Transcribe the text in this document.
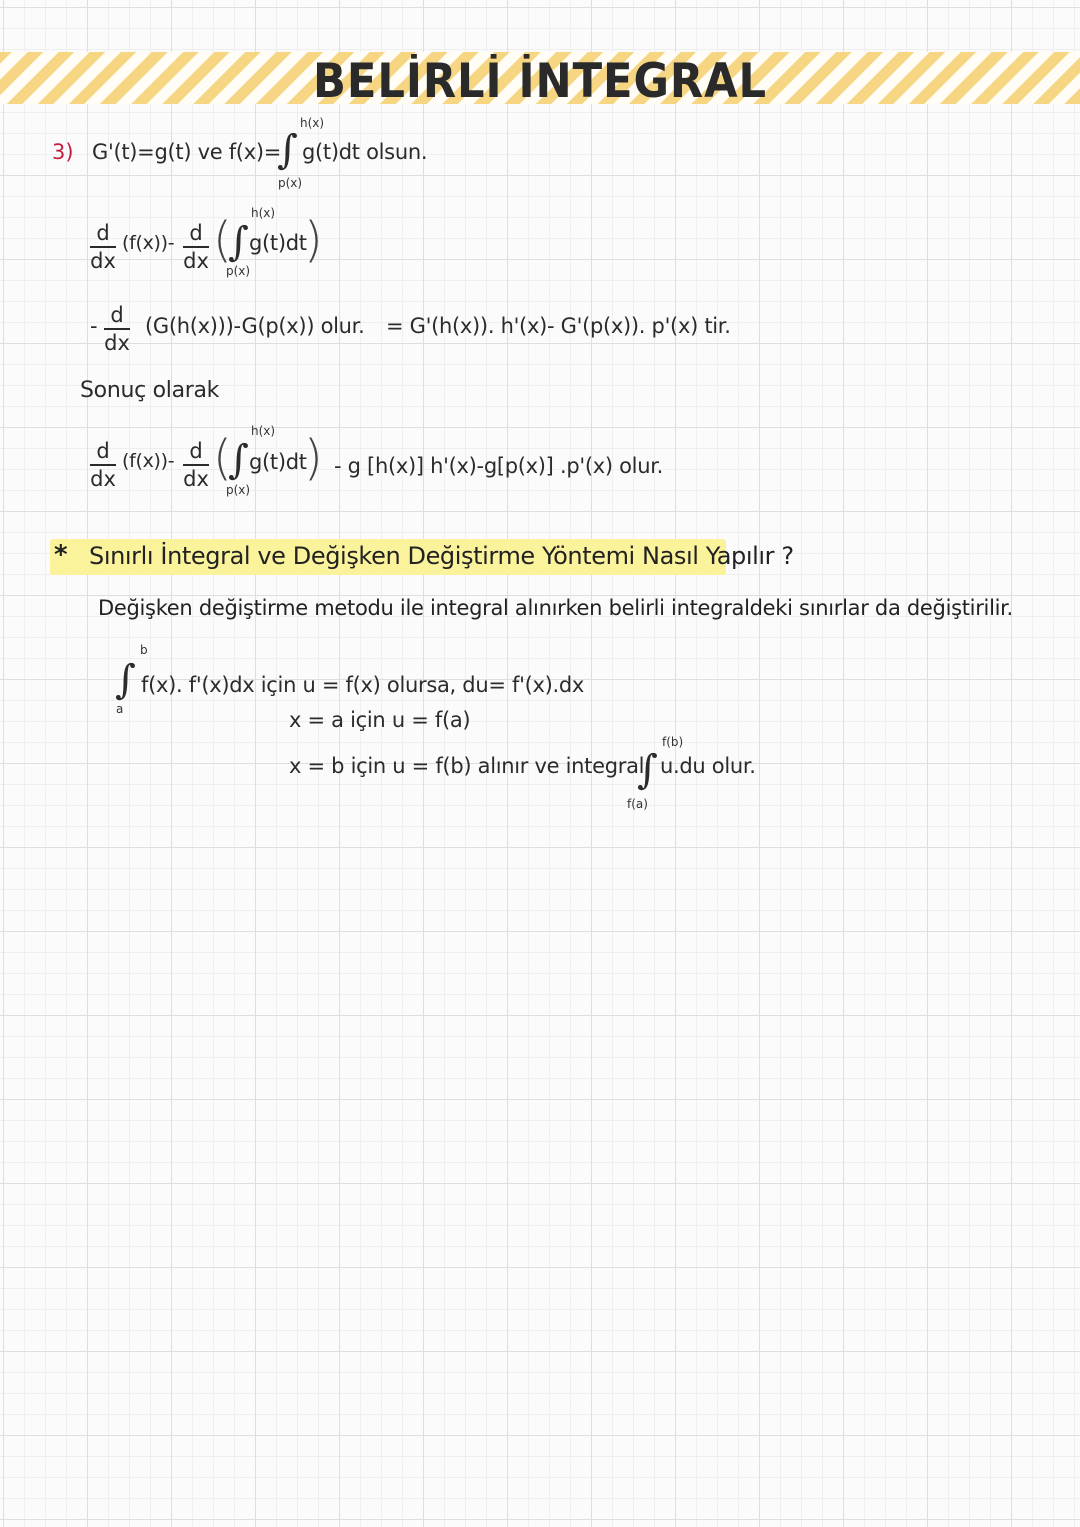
BELİRLİ İNTEGRAL
3) G'(t)=g(t) ve f(x)=
h(x)
∫
p(x)
g(t)dt olsun.
d
dx
(f(x))- d
dx ( h(x)
∫
p(x)
g(t)dt
)
- d
dx
(G(h(x)))-G(p(x)) olur. = G'(h(x)). h'(x)- G'(p(x)). p'(x) tir.
Sonuç olarak
d
dx
(f(x))- d
dx ( h(x)
∫
p(x)
g(t)dt
) - g [h(x)] h'(x)-g[p(x)] .p'(x) olur.
* Sınırlı İntegral ve Değişken Değiştirme Yöntemi Nasıl Yapılır ?
Değişken değiştirme metodu ile integral alınırken belirli integraldeki sınırlar da değiştirilir.
b
∫
a
f(x). f'(x)dx için u = f(x) olursa, du= f'(x).dx
x = a için u = f(a)
x = b için u = f(b) alınır ve integral
f(b)
∫
f(a)
u.du olur.
